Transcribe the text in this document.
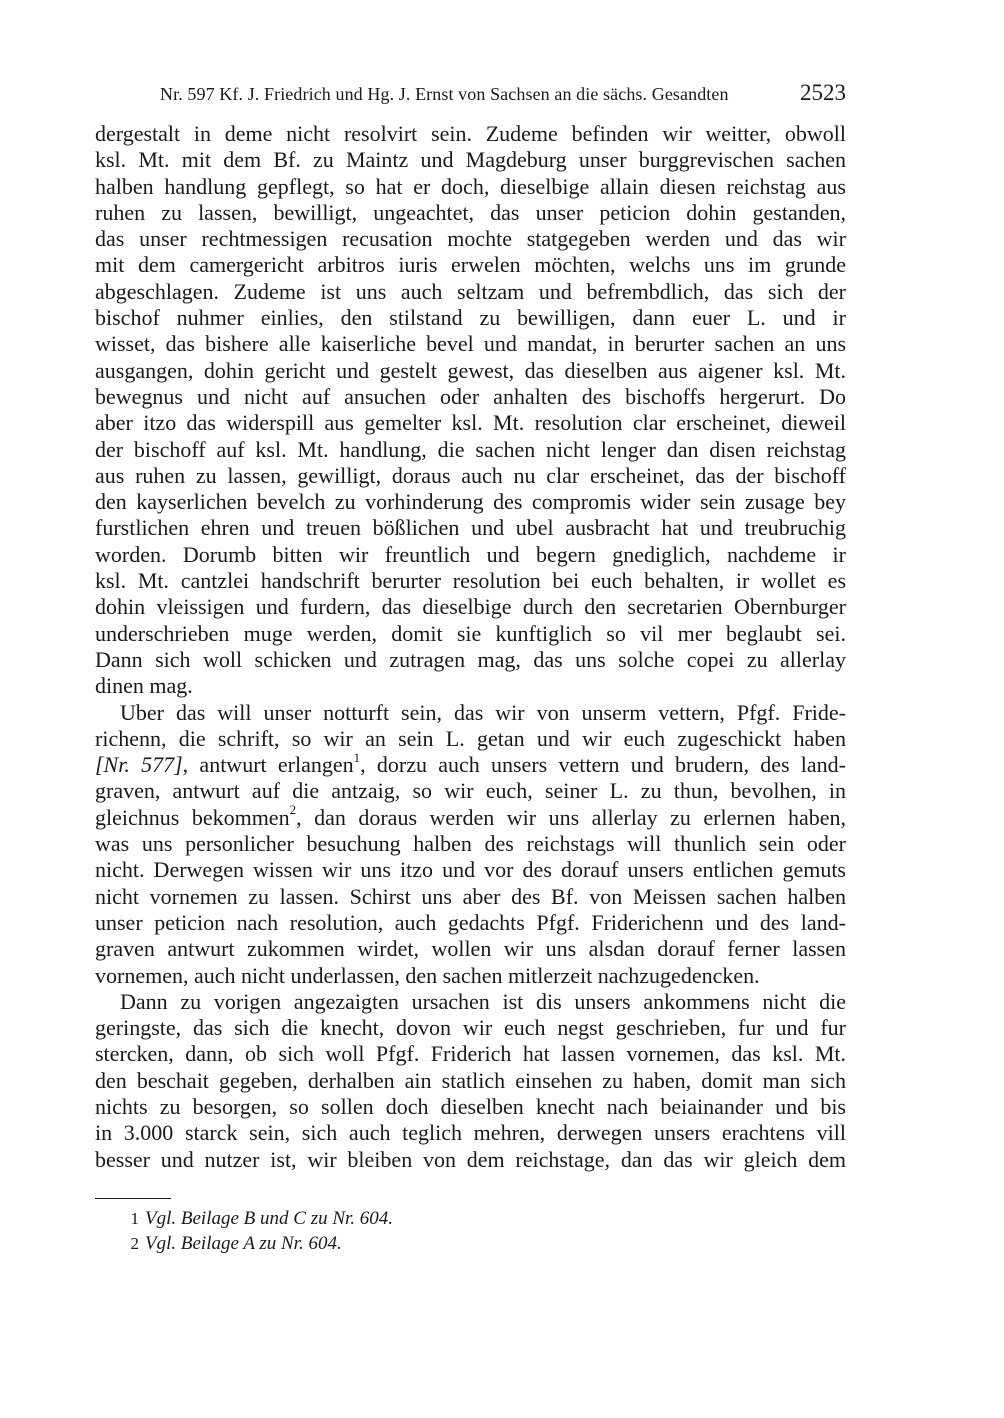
Nr. 597 Kf. J. Friedrich und Hg. J. Ernst von Sachsen an die sächs. Gesandten	2523
dergestalt in deme nicht resolvirt sein. Zudeme befinden wir weitter, obwoll
ksl. Mt. mit dem Bf. zu Maintz und Magdeburg unser burggrevischen sachen
halben handlung gepflegt, so hat er doch, dieselbige allain diesen reichstag aus
ruhen zu lassen, bewilligt, ungeachtet, das unser peticion dohin gestanden,
das unser rechtmessigen recusation mochte statgegeben werden und das wir
mit dem camergericht arbitros iuris erwelen möchten, welchs uns im grunde
abgeschlagen. Zudeme ist uns auch seltzam und befrembdlich, das sich der
bischof nuhmer einlies, den stilstand zu bewilligen, dann euer L. und ir
wisset, das bishere alle kaiserliche bevel und mandat, in berurter sachen an uns
ausgangen, dohin gericht und gestelt gewest, das dieselben aus aigener ksl. Mt.
bewegnus und nicht auf ansuchen oder anhalten des bischoffs hergerurt. Do
aber itzo das widerspill aus gemelter ksl. Mt. resolution clar erscheinet, dieweil
der bischoff auf ksl. Mt. handlung, die sachen nicht lenger dan disen reichstag
aus ruhen zu lassen, gewilligt, doraus auch nu clar erscheinet, das der bischoff
den kayserlichen bevelch zu vorhinderung des compromis wider sein zusage bey
furstlichen ehren und treuen bößlichen und ubel ausbracht hat und treubruchig
worden. Dorumb bitten wir freuntlich und begern gnediglich, nachdeme ir
ksl. Mt. cantzlei handschrift berurter resolution bei euch behalten, ir wollet es
dohin vleissigen und furdern, das dieselbige durch den secretarien Obernburger
underschrieben muge werden, domit sie kunftiglich so vil mer beglaubt sei.
Dann sich woll schicken und zutragen mag, das uns solche copei zu allerlay
dinen mag.
Uber das will unser notturft sein, das wir von unserm vettern, Pfgf. Fride-
richenn, die schrift, so wir an sein L. getan und wir euch zugeschickt haben
[Nr. 577], antwurt erlangen$^1$, dorzu auch unsers vettern und brudern, des land-
graven, antwurt auf die antzaig, so wir euch, seiner L. zu thun, bevolhen, in
gleichnus bekommen$^2$, dan doraus werden wir uns allerlay zu erlernen haben,
was uns personlicher besuchung halben des reichstags will thunlich sein oder
nicht. Derwegen wissen wir uns itzo und vor des dorauf unsers entlichen gemuts
nicht vornemen zu lassen. Schirst uns aber des Bf. von Meissen sachen halben
unser peticion nach resolution, auch gedachts Pfgf. Friderichenn und des land-
graven antwurt zukommen wirdet, wollen wir uns alsdan dorauf ferner lassen
vornemen, auch nicht underlassen, den sachen mitlerzeit nachzugedencken.
Dann zu vorigen angezaigten ursachen ist dis unsers ankommens nicht die
geringste, das sich die knecht, dovon wir euch negst geschrieben, fur und fur
stercken, dann, ob sich woll Pfgf. Friderich hat lassen vornemen, das ksl. Mt.
den beschait gegeben, derhalben ain statlich einsehen zu haben, domit man sich
nichts zu besorgen, so sollen doch dieselben knecht nach beiainander und bis
in 3.000 starck sein, sich auch teglich mehren, derwegen unsers erachtens vill
besser und nutzer ist, wir bleiben von dem reichstage, dan das wir gleich dem
1 Vgl. Beilage B und C zu Nr. 604.
2 Vgl. Beilage A zu Nr. 604.
